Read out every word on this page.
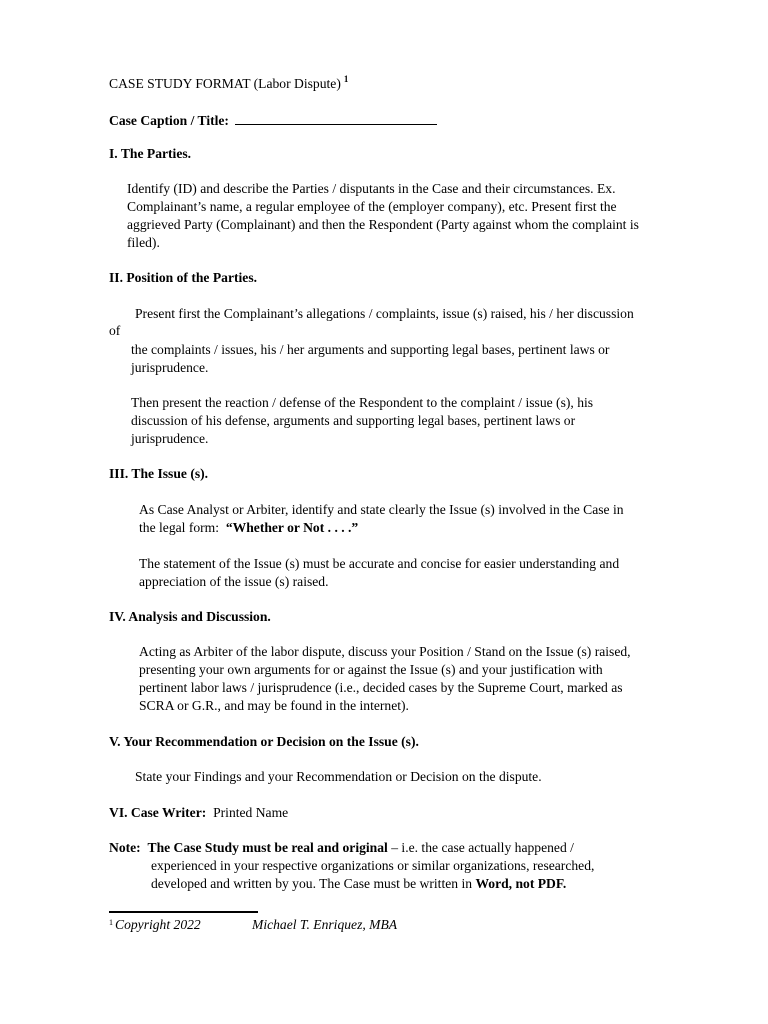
CASE STUDY FORMAT (Labor Dispute) $^1$
Case Caption / Title:
I. The Parties.
Identify (ID) and describe the Parties / disputants in the Case and their circumstances. Ex.
Complainant’s name, a regular employee of the (employer company), etc. Present first the
aggrieved Party (Complainant) and then the Respondent (Party against whom the complaint is
filed).
II. Position of the Parties.
Present first the Complainant’s allegations / complaints, issue (s) raised, his / her discussion
of
the complaints / issues, his / her arguments and supporting legal bases, pertinent laws or
jurisprudence.
Then present the reaction / defense of the Respondent to the complaint / issue (s), his
discussion of his defense, arguments and supporting legal bases, pertinent laws or
jurisprudence.
III. The Issue (s).
As Case Analyst or Arbiter, identify and state clearly the Issue (s) involved in the Case in
the legal form: “Whether or Not . . . .”
The statement of the Issue (s) must be accurate and concise for easier understanding and
appreciation of the issue (s) raised.
IV. Analysis and Discussion.
Acting as Arbiter of the labor dispute, discuss your Position / Stand on the Issue (s) raised,
presenting your own arguments for or against the Issue (s) and your justification with
pertinent labor laws / jurisprudence (i.e., decided cases by the Supreme Court, marked as
SCRA or G.R., and may be found in the internet).
V. Your Recommendation or Decision on the Issue (s).
State your Findings and your Recommendation or Decision on the dispute.
VI. Case Writer: Printed Name
Note: The Case Study must be real and original – i.e. the case actually happened /
experienced in your respective organizations or similar organizations, researched,
developed and written by you. The Case must be written in Word, not PDF.
$^1$ Copyright 2022	Michael T. Enriquez, MBA
